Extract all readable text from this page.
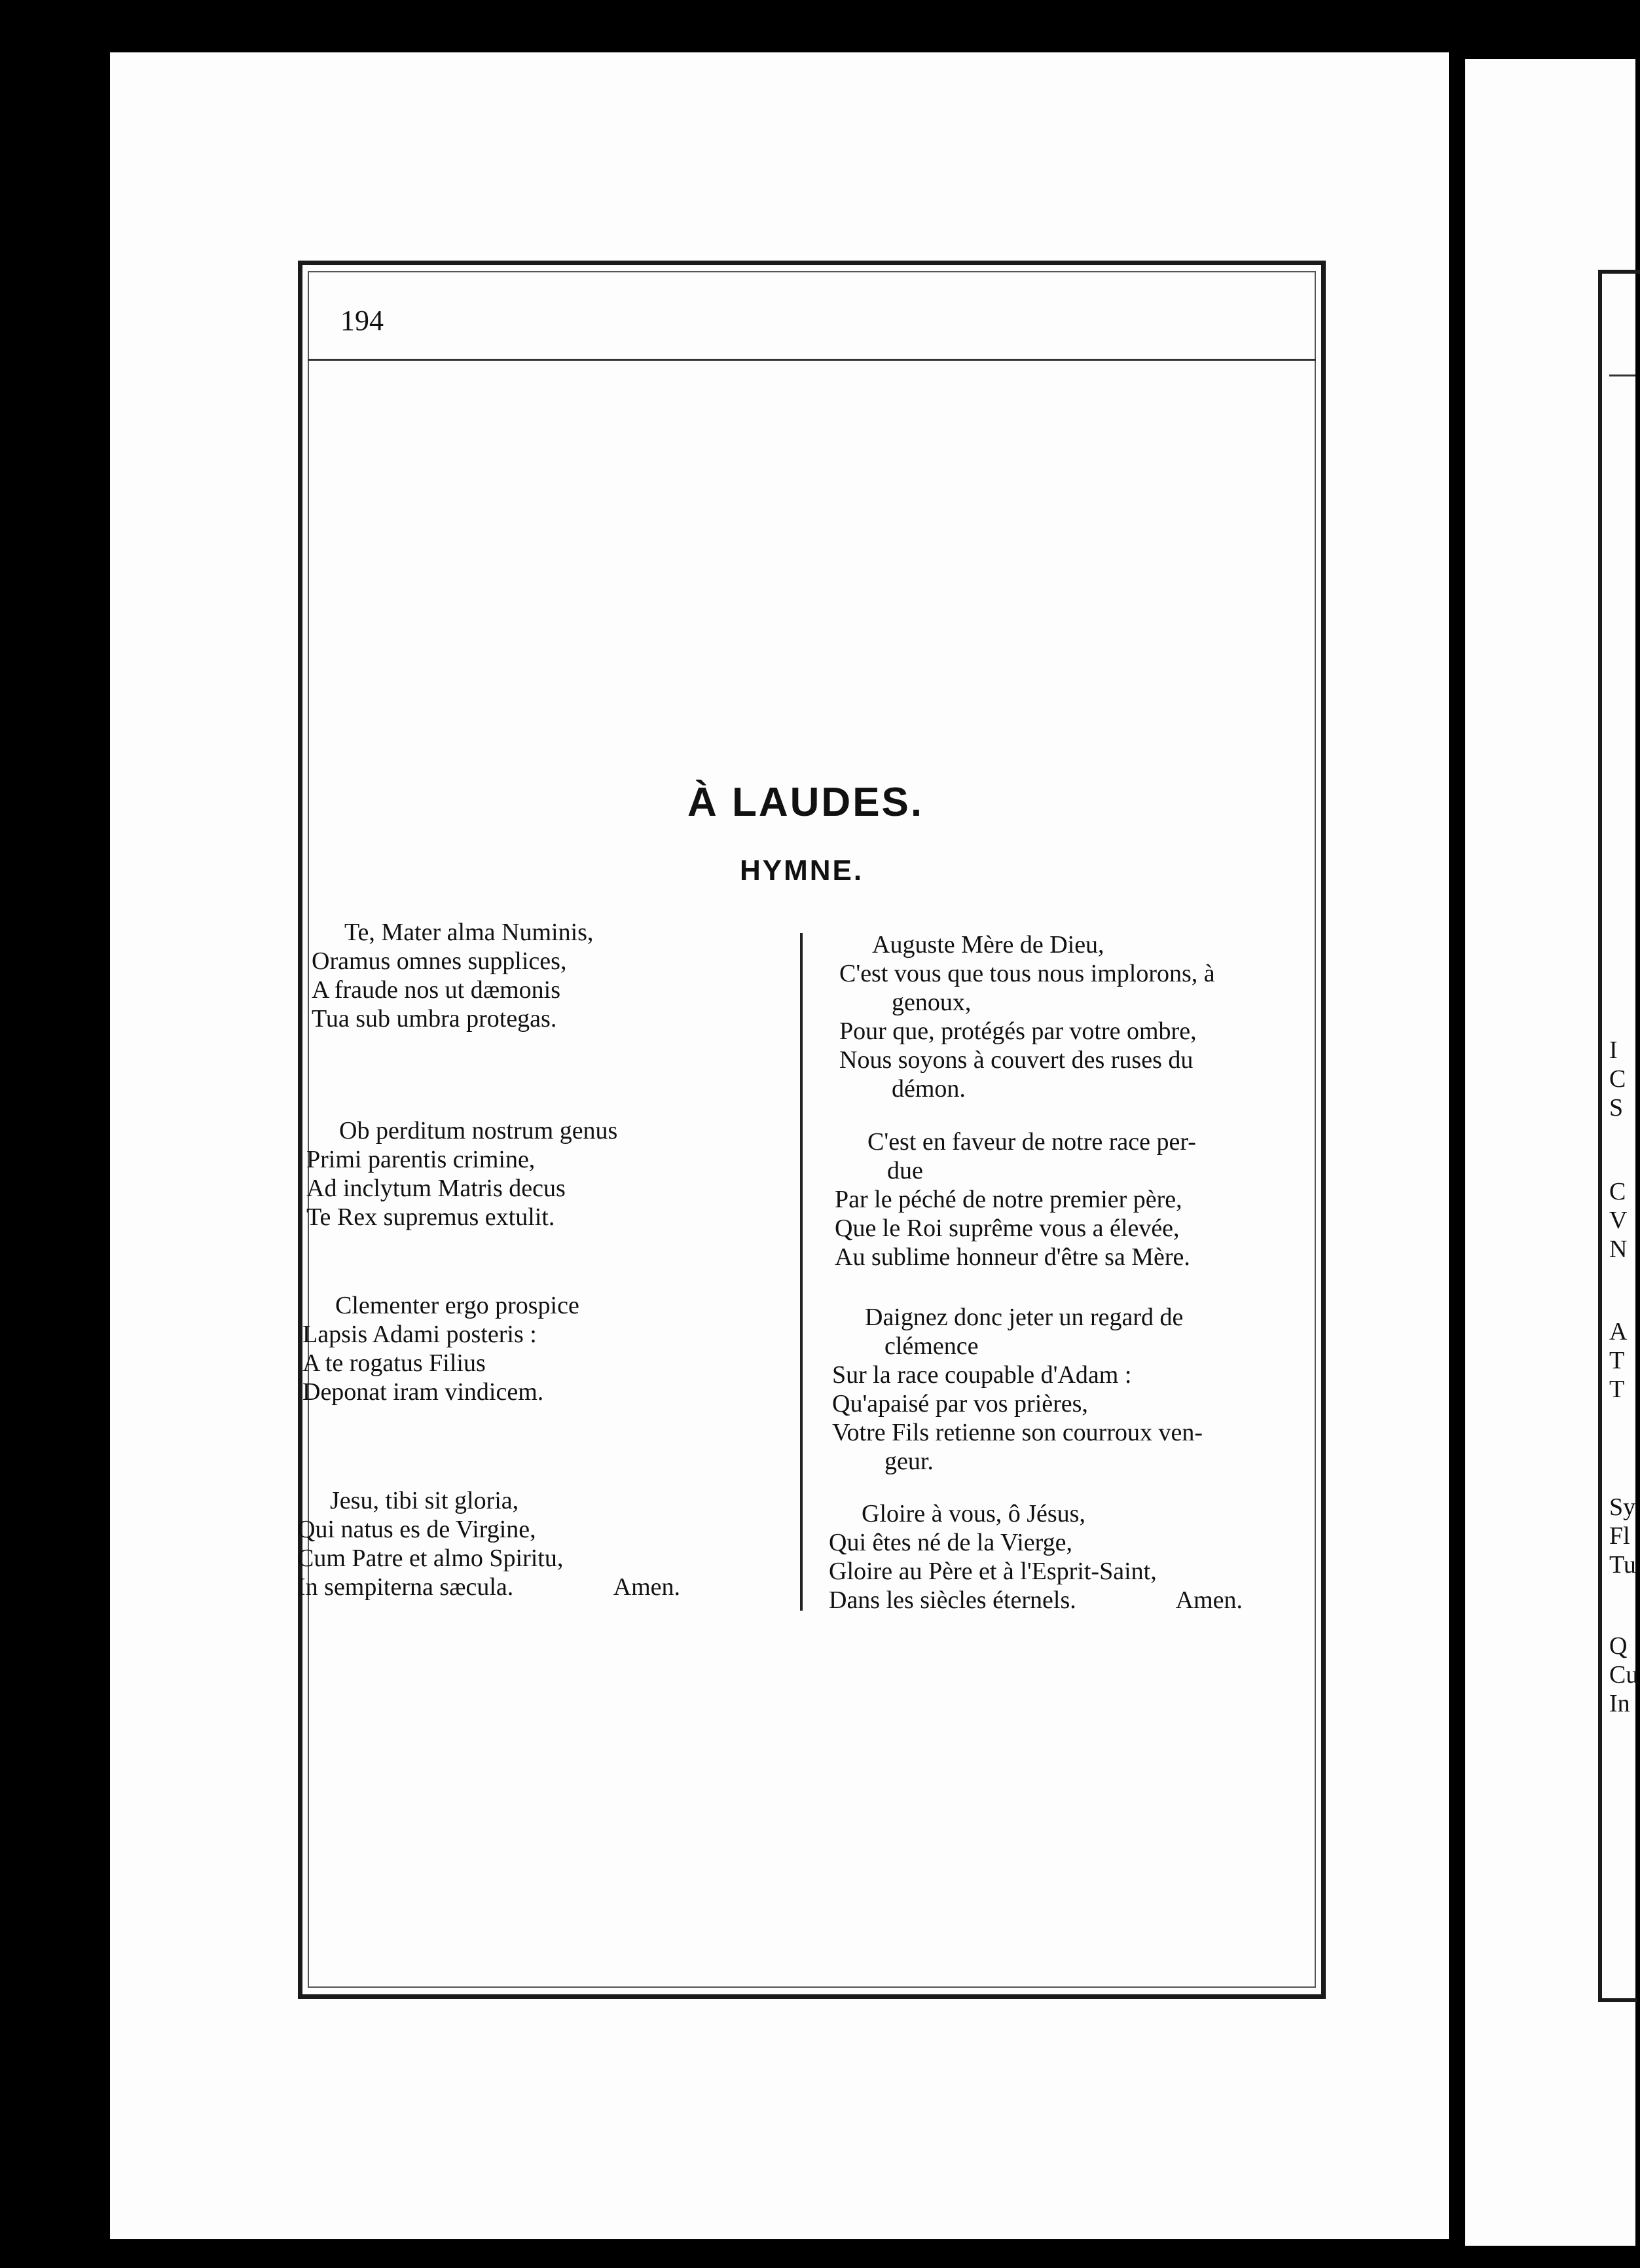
194
À LAUDES.
HYMNE.
Te, Mater alma Numinis,
Oramus omnes supplices,
A fraude nos ut dæmonis
Tua sub umbra protegas.
Ob perditum nostrum genus
Primi parentis crimine,
Ad inclytum Matris decus
Te Rex supremus extulit.
Clementer ergo prospice
Lapsis Adami posteris :
A te rogatus Filius
Deponat iram vindicem.
Jesu, tibi sit gloria,
Qui natus es de Virgine,
Cum Patre et almo Spiritu,
In sempiterna sæcula.	Amen.
Auguste Mère de Dieu,
C'est vous que tous nous implorons, à
genoux,
Pour que, protégés par votre ombre,
Nous soyons à couvert des ruses du
démon.
C'est en faveur de notre race per-
due
Par le péché de notre premier père,
Que le Roi suprême vous a élevée,
Au sublime honneur d'être sa Mère.
Daignez donc jeter un regard de
clémence
Sur la race coupable d'Adam :
Qu'apaisé par vos prières,
Votre Fils retienne son courroux ven-
geur.
Gloire à vous, ô Jésus,
Qui êtes né de la Vierge,
Gloire au Père et à l'Esprit-Saint,
Dans les siècles éternels.	Amen.
I
C
S
C
V
N
A
T
T
Sy
Fl
Tu
Q
Cu
In
